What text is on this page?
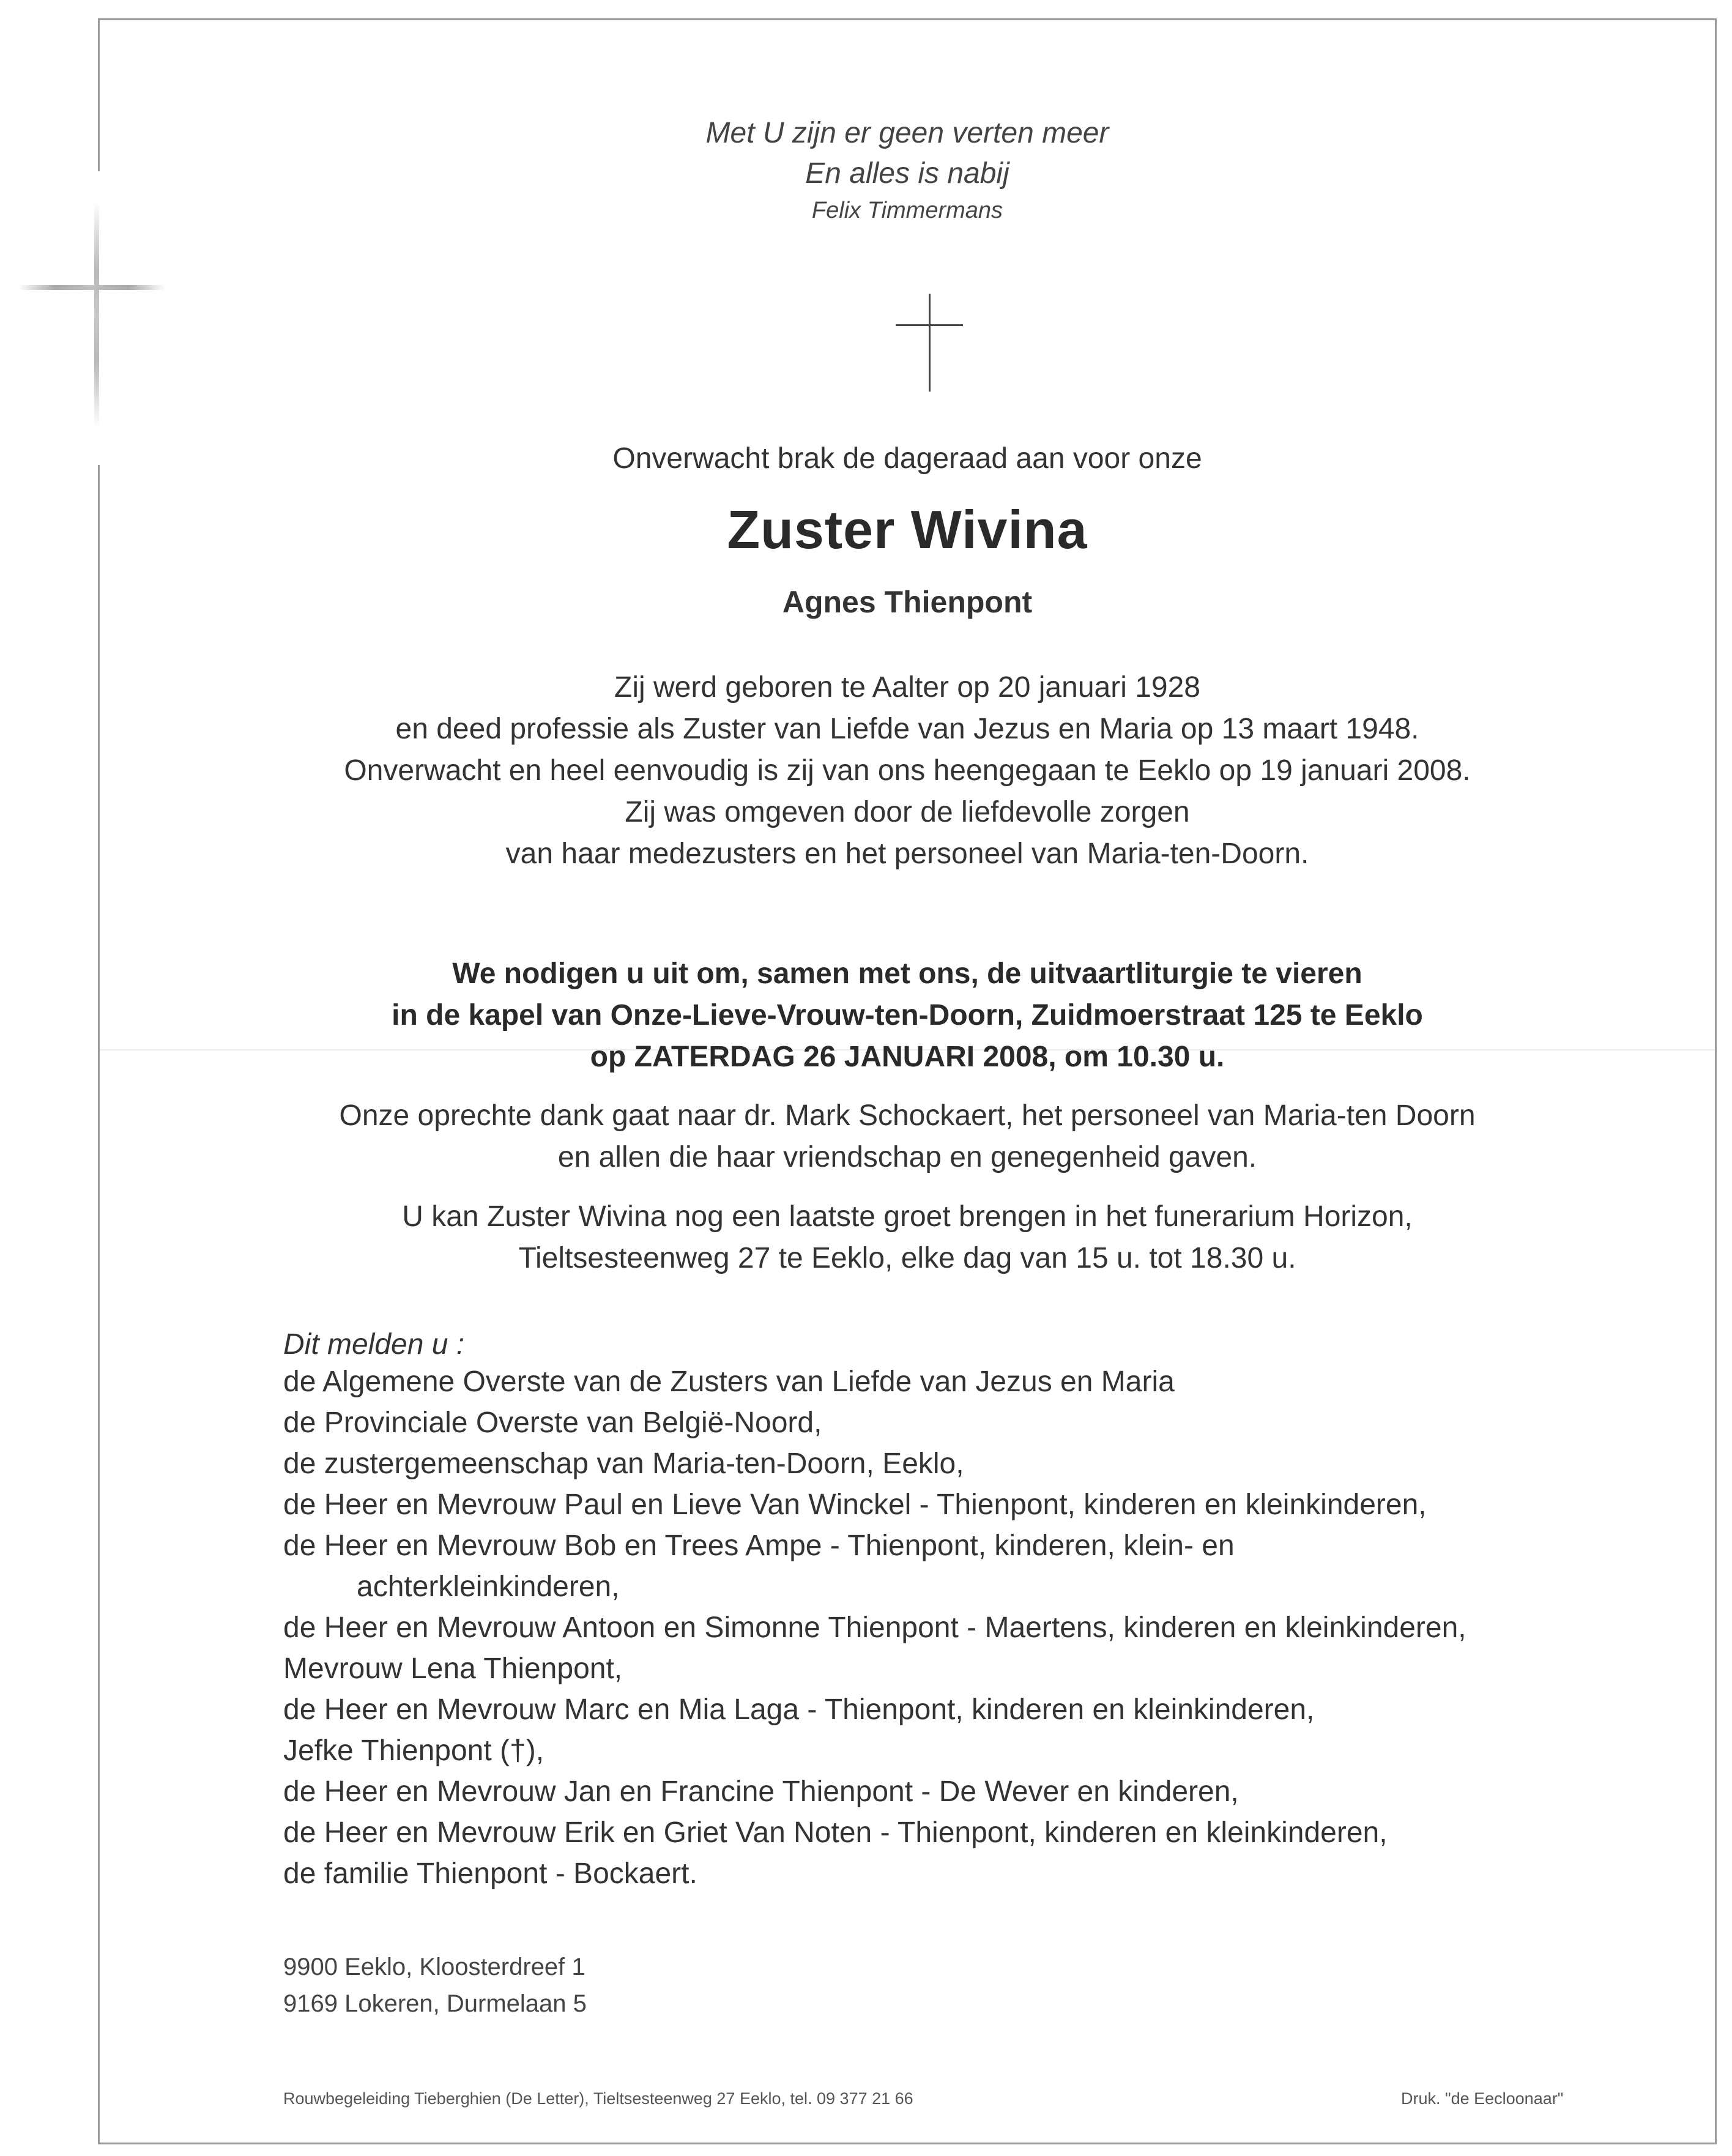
Met U zijn er geen verten meer
En alles is nabij
Felix Timmermans
Onverwacht brak de dageraad aan voor onze
Zuster Wivina
Agnes Thienpont
Zij werd geboren te Aalter op 20 januari 1928
en deed professie als Zuster van Liefde van Jezus en Maria op 13 maart 1948.
Onverwacht en heel eenvoudig is zij van ons heengegaan te Eeklo op 19 januari 2008.
Zij was omgeven door de liefdevolle zorgen
van haar medezusters en het personeel van Maria-ten-Doorn.
We nodigen u uit om, samen met ons, de uitvaartliturgie te vieren
in de kapel van Onze-Lieve-Vrouw-ten-Doorn, Zuidmoerstraat 125 te Eeklo
op ZATERDAG 26 JANUARI 2008, om 10.30 u.
Onze oprechte dank gaat naar dr. Mark Schockaert, het personeel van Maria-ten Doorn
en allen die haar vriendschap en genegenheid gaven.
U kan Zuster Wivina nog een laatste groet brengen in het funerarium Horizon,
Tieltsesteenweg 27 te Eeklo, elke dag van 15 u. tot 18.30 u.
Dit melden u :
de Algemene Overste van de Zusters van Liefde van Jezus en Maria
de Provinciale Overste van België-Noord,
de zustergemeenschap van Maria-ten-Doorn, Eeklo,
de Heer en Mevrouw Paul en Lieve Van Winckel - Thienpont, kinderen en kleinkinderen,
de Heer en Mevrouw Bob en Trees Ampe - Thienpont, kinderen, klein- en
achterkleinkinderen,
de Heer en Mevrouw Antoon en Simonne Thienpont - Maertens, kinderen en kleinkinderen,
Mevrouw Lena Thienpont,
de Heer en Mevrouw Marc en Mia Laga - Thienpont, kinderen en kleinkinderen,
Jefke Thienpont (†),
de Heer en Mevrouw Jan en Francine Thienpont - De Wever en kinderen,
de Heer en Mevrouw Erik en Griet Van Noten - Thienpont, kinderen en kleinkinderen,
de familie Thienpont - Bockaert.
9900 Eeklo, Kloosterdreef 1
9169 Lokeren, Durmelaan 5
Rouwbegeleiding Tieberghien (De Letter), Tieltsesteenweg 27 Eeklo, tel. 09 377 21 66	Druk. "de Eecloonaar"
